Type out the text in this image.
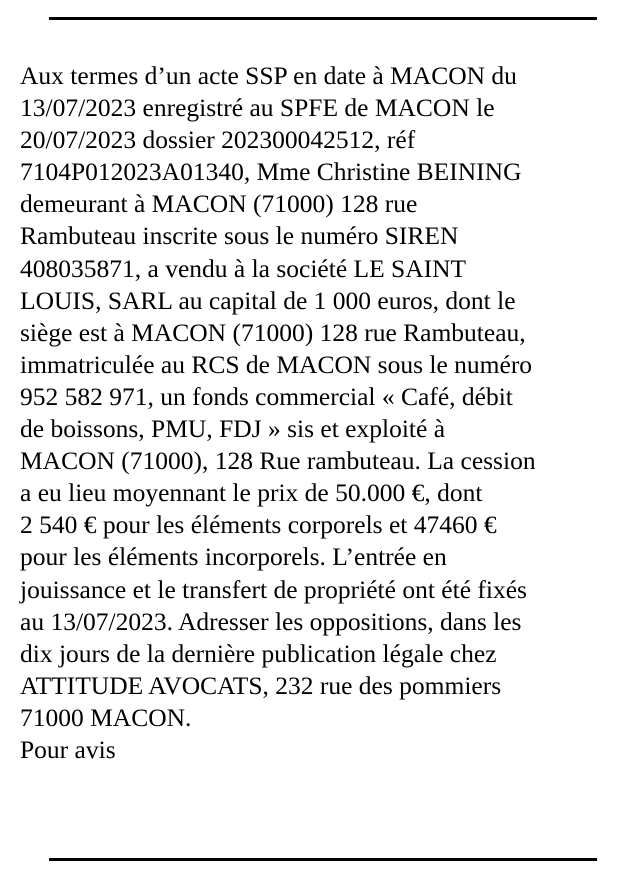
Aux termes d’un acte SSP en date à MACON du
13/07/2023 enregistré au SPFE de MACON le
20/07/2023 dossier 202300042512, réf
7104P012023A01340, Mme Christine BEINING
demeurant à MACON (71000) 128 rue
Rambuteau inscrite sous le numéro SIREN
408035871, a vendu à la société LE SAINT
LOUIS, SARL au capital de 1 000 euros, dont le
siège est à MACON (71000) 128 rue Rambuteau,
immatriculée au RCS de MACON sous le numéro
952 582 971, un fonds commercial « Café, débit
de boissons, PMU, FDJ » sis et exploité à
MACON (71000), 128 Rue rambuteau. La cession
a eu lieu moyennant le prix de 50.000 €, dont
2 540 € pour les éléments corporels et 47460 €
pour les éléments incorporels. L’entrée en
jouissance et le transfert de propriété ont été fixés
au 13/07/2023. Adresser les oppositions, dans les
dix jours de la dernière publication légale chez
ATTITUDE AVOCATS, 232 rue des pommiers
71000 MACON.
Pour avis
